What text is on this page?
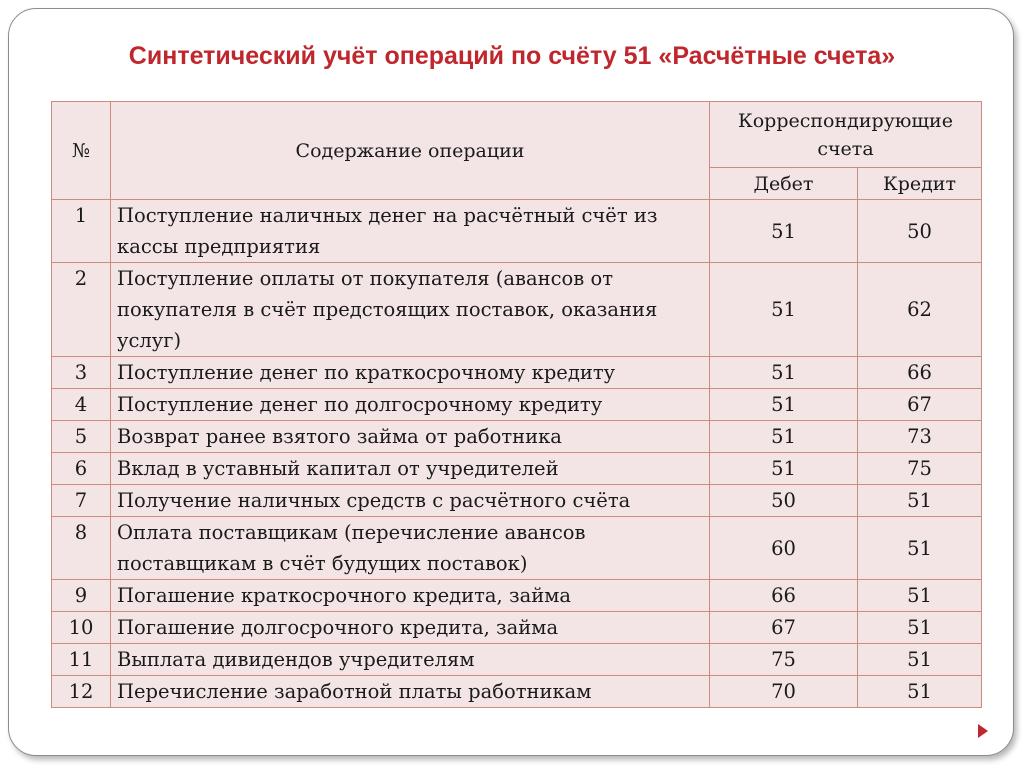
Синтетический учёт операций по счёту 51 «Расчётные счета»
№	Содержание операции	Корреспондирующие счета	
		Дебет	Кредит
1	Поступление наличных денег на расчётный счёт из кассы предприятия	51	50
2	Поступление оплаты от покупателя (авансов от покупателя в счёт предстоящих поставок, оказания услуг)	51	62
3	Поступление денег по краткосрочному кредиту	51	66
4	Поступление денег по долгосрочному кредиту	51	67
5	Возврат ранее взятого займа от работника	51	73
6	Вклад в уставный капитал от учредителей	51	75
7	Получение наличных средств с расчётного счёта	50	51
8	Оплата поставщикам (перечисление авансов поставщикам в счёт будущих поставок)	60	51
9	Погашение краткосрочного кредита, займа	66	51
10	Погашение долгосрочного кредита, займа	67	51
11	Выплата дивидендов учредителям	75	51
12	Перечисление заработной платы работникам	70	51
